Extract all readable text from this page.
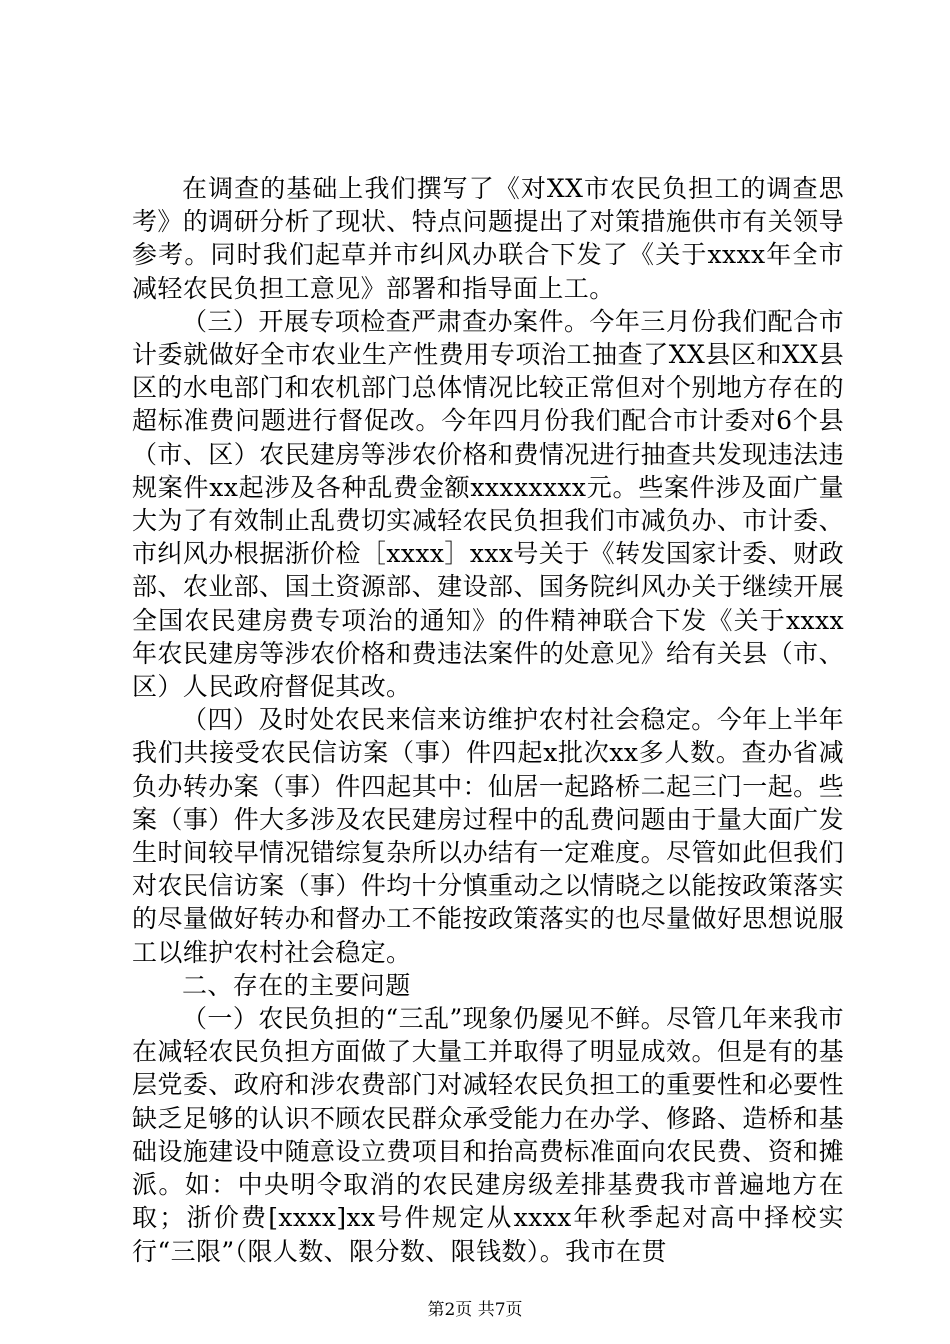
在调查的基础上我们撰写了《对XX市农民负担工的调查思考》的调研分析了现状、特点问题提出了对策措施供市有关领导参考。同时我们起草并市纠风办联合下发了《关于xxxx年全市减轻农民负担工意见》部署和指导面上工。

（三）开展专项检查严肃查办案件。今年三月份我们配合市计委就做好全市农业生产性费用专项治工抽查了XX县区和XX县区的水电部门和农机部门总体情况比较正常但对个别地方存在的超标准费问题进行督促改。今年四月份我们配合市计委对6个县（市、区）农民建房等涉农价格和费情况进行抽查共发现违法违规案件xx起涉及各种乱费金额xxxxxxxx元。些案件涉及面广量大为了有效制止乱费切实减轻农民负担我们市减负办、市计委、市纠风办根据浙价检［xxxx］xxx号关于《转发国家计委、财政部、农业部、国土资源部、建设部、国务院纠风办关于继续开展全国农民建房费专项治的通知》的件精神联合下发《关于xxxx年农民建房等涉农价格和费违法案件的处意见》给有关县（市、区）人民政府督促其改。

（四）及时处农民来信来访维护农村社会稳定。今年上半年我们共接受农民信访案（事）件四起x批次xx多人数。查办省减负办转办案（事）件四起其中：仙居一起路桥二起三门一起。些案（事）件大多涉及农民建房过程中的乱费问题由于量大面广发生时间较早情况错综复杂所以办结有一定难度。尽管如此但我们对农民信访案（事）件均十分慎重动之以情晓之以能按政策落实的尽量做好转办和督办工不能按政策落实的也尽量做好思想说服工以维护农村社会稳定。

二、存在的主要问题

（一）农民负担的“三乱”现象仍屡见不鲜。尽管几年来我市在减轻农民负担方面做了大量工并取得了明显成效。但是有的基层党委、政府和涉农费部门对减轻农民负担工的重要性和必要性缺乏足够的认识不顾农民群众承受能力在办学、修路、造桥和基础设施建设中随意设立费项目和抬高费标准面向农民费、资和摊派。如：中央明令取消的农民建房级差排基费我市普遍地方在取；浙价费[xxxx]xx号件规定从xxxx年秋季起对高中择校实行“三限”（限人数、限分数、限钱数）。我市在贯

第2页 共7页
